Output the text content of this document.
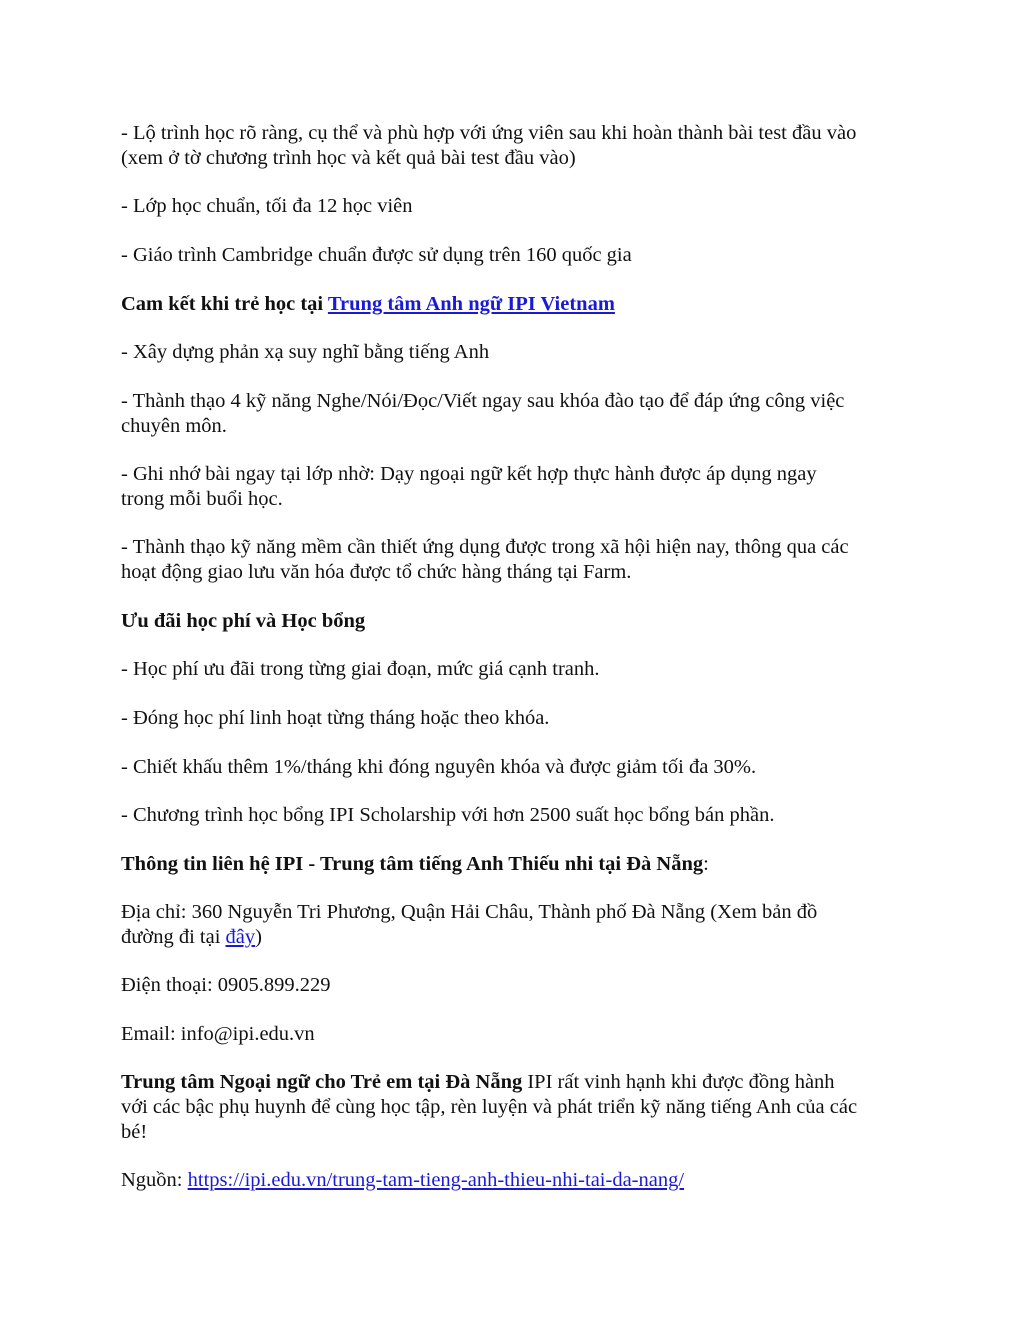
- Lộ trình học rõ ràng, cụ thể và phù hợp với ứng viên sau khi hoàn thành bài test đầu vào
(xem ở tờ chương trình học và kết quả bài test đầu vào)
- Lớp học chuẩn, tối đa 12 học viên
- Giáo trình Cambridge chuẩn được sử dụng trên 160 quốc gia
Cam kết khi trẻ học tại Trung tâm Anh ngữ IPI Vietnam
- Xây dựng phản xạ suy nghĩ bằng tiếng Anh
- Thành thạo 4 kỹ năng Nghe/Nói/Đọc/Viết ngay sau khóa đào tạo để đáp ứng công việc
chuyên môn.
- Ghi nhớ bài ngay tại lớp nhờ: Dạy ngoại ngữ kết hợp thực hành được áp dụng ngay
trong mỗi buổi học.
- Thành thạo kỹ năng mềm cần thiết ứng dụng được trong xã hội hiện nay, thông qua các
hoạt động giao lưu văn hóa được tổ chức hàng tháng tại Farm.
Ưu đãi học phí và Học bổng
- Học phí ưu đãi trong từng giai đoạn, mức giá cạnh tranh.
- Đóng học phí linh hoạt từng tháng hoặc theo khóa.
- Chiết khấu thêm 1%/tháng khi đóng nguyên khóa và được giảm tối đa 30%.
- Chương trình học bổng IPI Scholarship với hơn 2500 suất học bổng bán phần.
Thông tin liên hệ IPI - Trung tâm tiếng Anh Thiếu nhi tại Đà Nẵng:
Địa chỉ: 360 Nguyễn Tri Phương, Quận Hải Châu, Thành phố Đà Nẵng (Xem bản đồ
đường đi tại đây)
Điện thoại: 0905.899.229
Email: info@ipi.edu.vn
Trung tâm Ngoại ngữ cho Trẻ em tại Đà Nẵng IPI rất vinh hạnh khi được đồng hành
với các bậc phụ huynh để cùng học tập, rèn luyện và phát triển kỹ năng tiếng Anh của các
bé!
Nguồn: https://ipi.edu.vn/trung-tam-tieng-anh-thieu-nhi-tai-da-nang/
